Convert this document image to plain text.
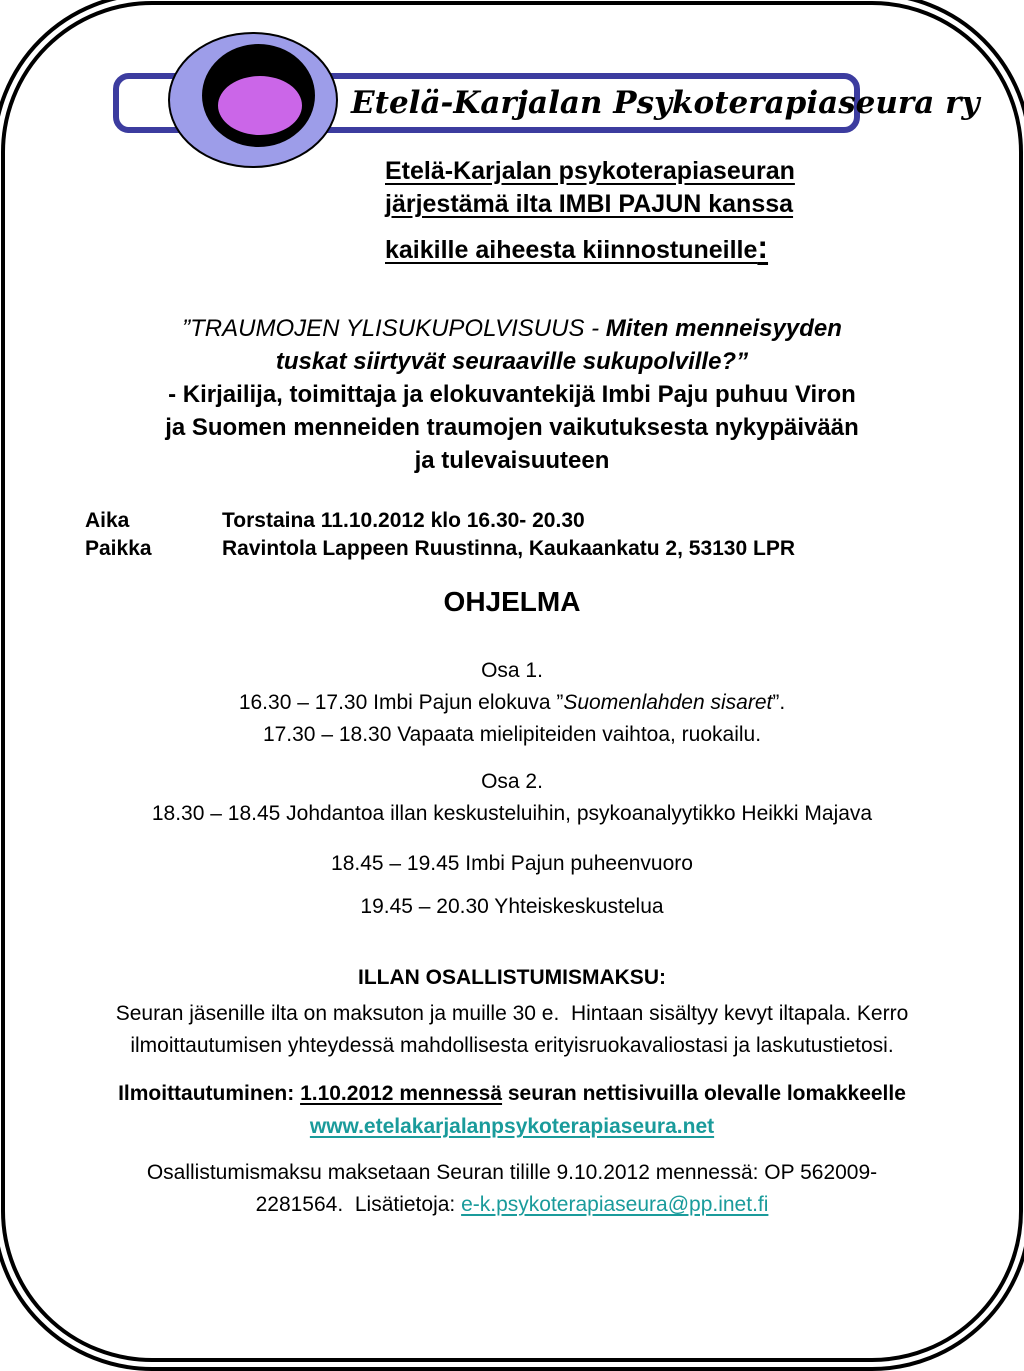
Etelä-Karjalan Psykoterapiaseura ry
Etelä-Karjalan psykoterapiaseuran
järjestämä ilta IMBI PAJUN kanssa
kaikille aiheesta kiinnostuneille:
”TRAUMOJEN YLISUKUPOLVISUUS - Miten menneisyyden
tuskat siirtyvät seuraaville sukupolville?”
- Kirjailija, toimittaja ja elokuvantekijä Imbi Paju puhuu Viron
ja Suomen menneiden traumojen vaikutuksesta nykypäivään
ja tulevaisuuteen
Aika	Torstaina 11.10.2012 klo 16.30- 20.30
Paikka	Ravintola Lappeen Ruustinna, Kaukaankatu 2, 53130 LPR
OHJELMA
Osa 1.
16.30 – 17.30 Imbi Pajun elokuva ”Suomenlahden sisaret”.
17.30 – 18.30 Vapaata mielipiteiden vaihtoa, ruokailu.
Osa 2.
18.30 – 18.45 Johdantoa illan keskusteluihin, psykoanalyytikko Heikki Majava
18.45 – 19.45 Imbi Pajun puheenvuoro
19.45 – 20.30 Yhteiskeskustelua
ILLAN OSALLISTUMISMAKSU:
Seuran jäsenille ilta on maksuton ja muille 30 e.  Hintaan sisältyy kevyt iltapala. Kerro
ilmoittautumisen yhteydessä mahdollisesta erityisruokavaliostasi ja laskutustietosi.
Ilmoittautuminen: 1.10.2012 mennessä seuran nettisivuilla olevalle lomakkeelle
www.etelakarjalanpsykoterapiaseura.net
Osallistumismaksu maksetaan Seuran tilille 9.10.2012 mennessä: OP 562009-
2281564.  Lisätietoja: e-k.psykoterapiaseura@pp.inet.fi
